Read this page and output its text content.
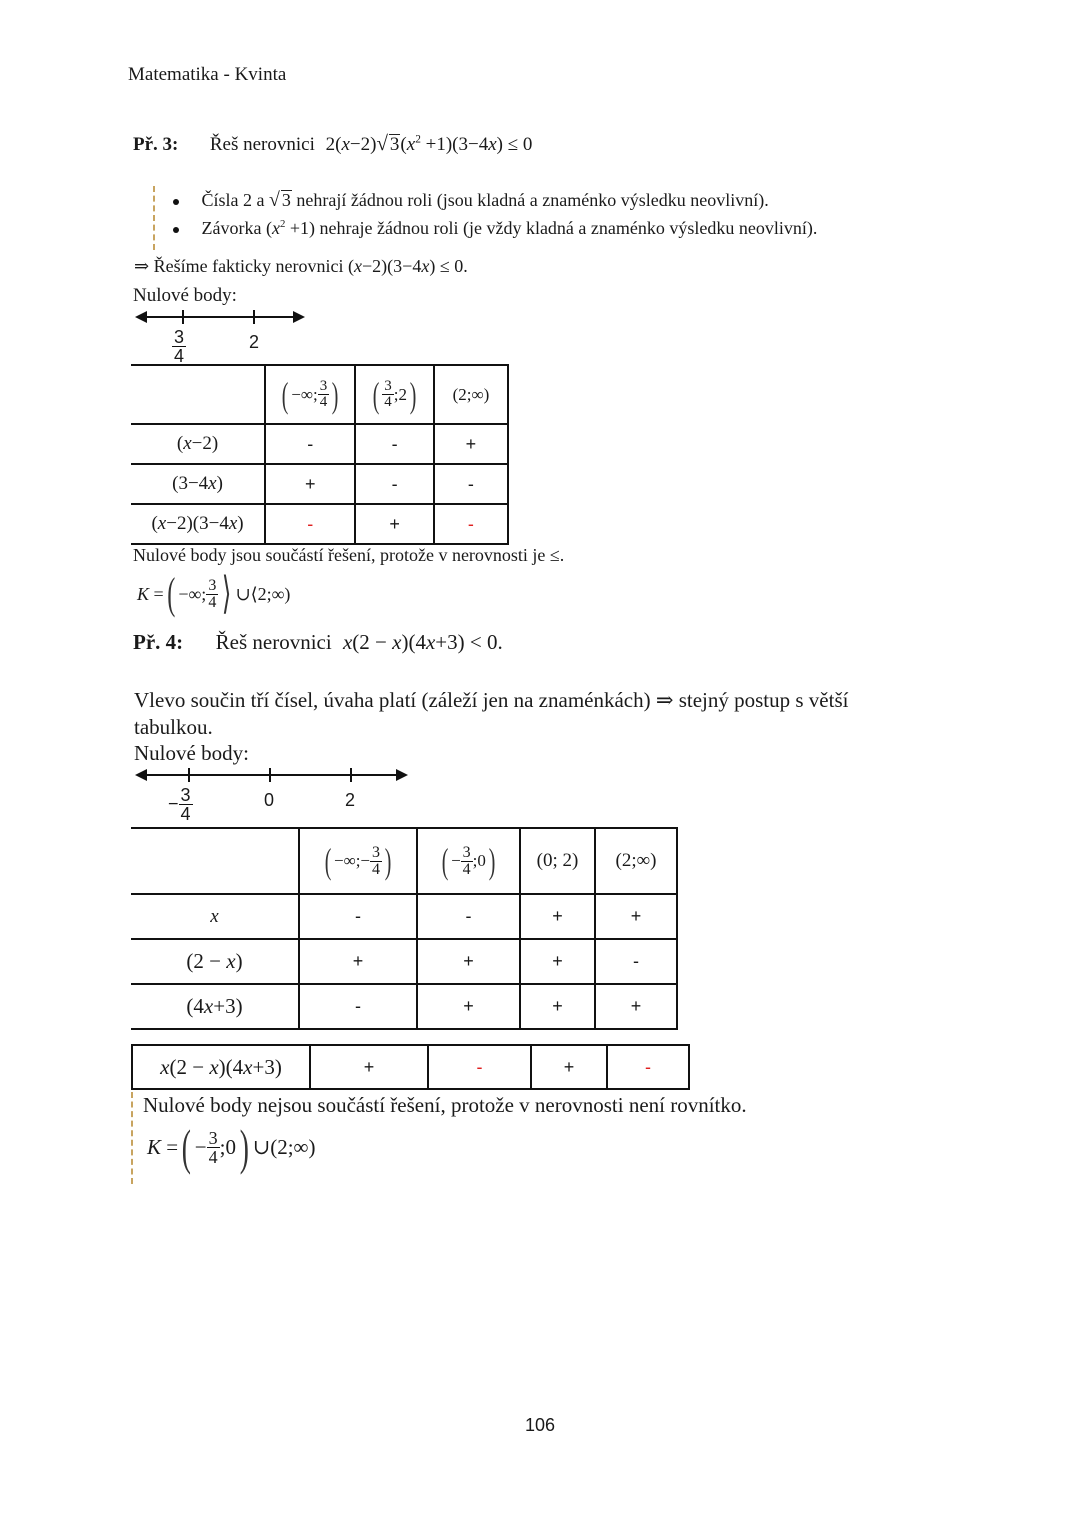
Matematika - Kvinta
Př. 3: Řeš nerovnici 2(x−2)√ $3(x^2 +1)(3-4x) \le 0$
Čísla 2 a √ 3 nehrají žádnou roli (jsou kladná a znaménko výsledku neovlivní).
Závorka $(x^2 +1)$ nehraje žádnou roli (je vždy kladná a znaménko výsledku neovlivní).
⇒ Řešíme fakticky nerovnici (x−2)(3−4x) ≤ 0.
Nulové body:
$\frac{3}{4}$	2

	( −∞; $\frac{3}{4}$ )	( $\frac{3}{4}$ ;2 )	(2;∞)
(x−2)	-	-	+
(3−4x)	+	-	-
(x−2)(3−4x)	-	+	-
Nulové body jsou součástí řešení, protože v nerovnosti je ≤.
K = ( −∞; $\frac{3}{4}$ ⟩ ∪⟨2;∞)
Př. 4: Řeš nerovnici x(2 − x)(4x+3) < 0.
Vlevo součin tří čísel, úvaha platí (záleží jen na znaménkách) ⇒ stejný postup s větší
tabulkou.
Nulové body:
− $\frac{3}{4}$	0	2

( −∞;− $\frac{3}{4}$ )	( − $\frac{3}{4}$ ;0 )	(0; 2)	(2;∞)
x	-	-	+	+
(2 − x)	+	+	+	-
(4x+3)	-	+	+	+
x(2 − x)(4x+3)	+	-	+	-
Nulové body nejsou součástí řešení, protože v nerovnosti není rovnítko.
K = ( − $\frac{3}{4}$ ;0 ) ∪(2;∞)
106
